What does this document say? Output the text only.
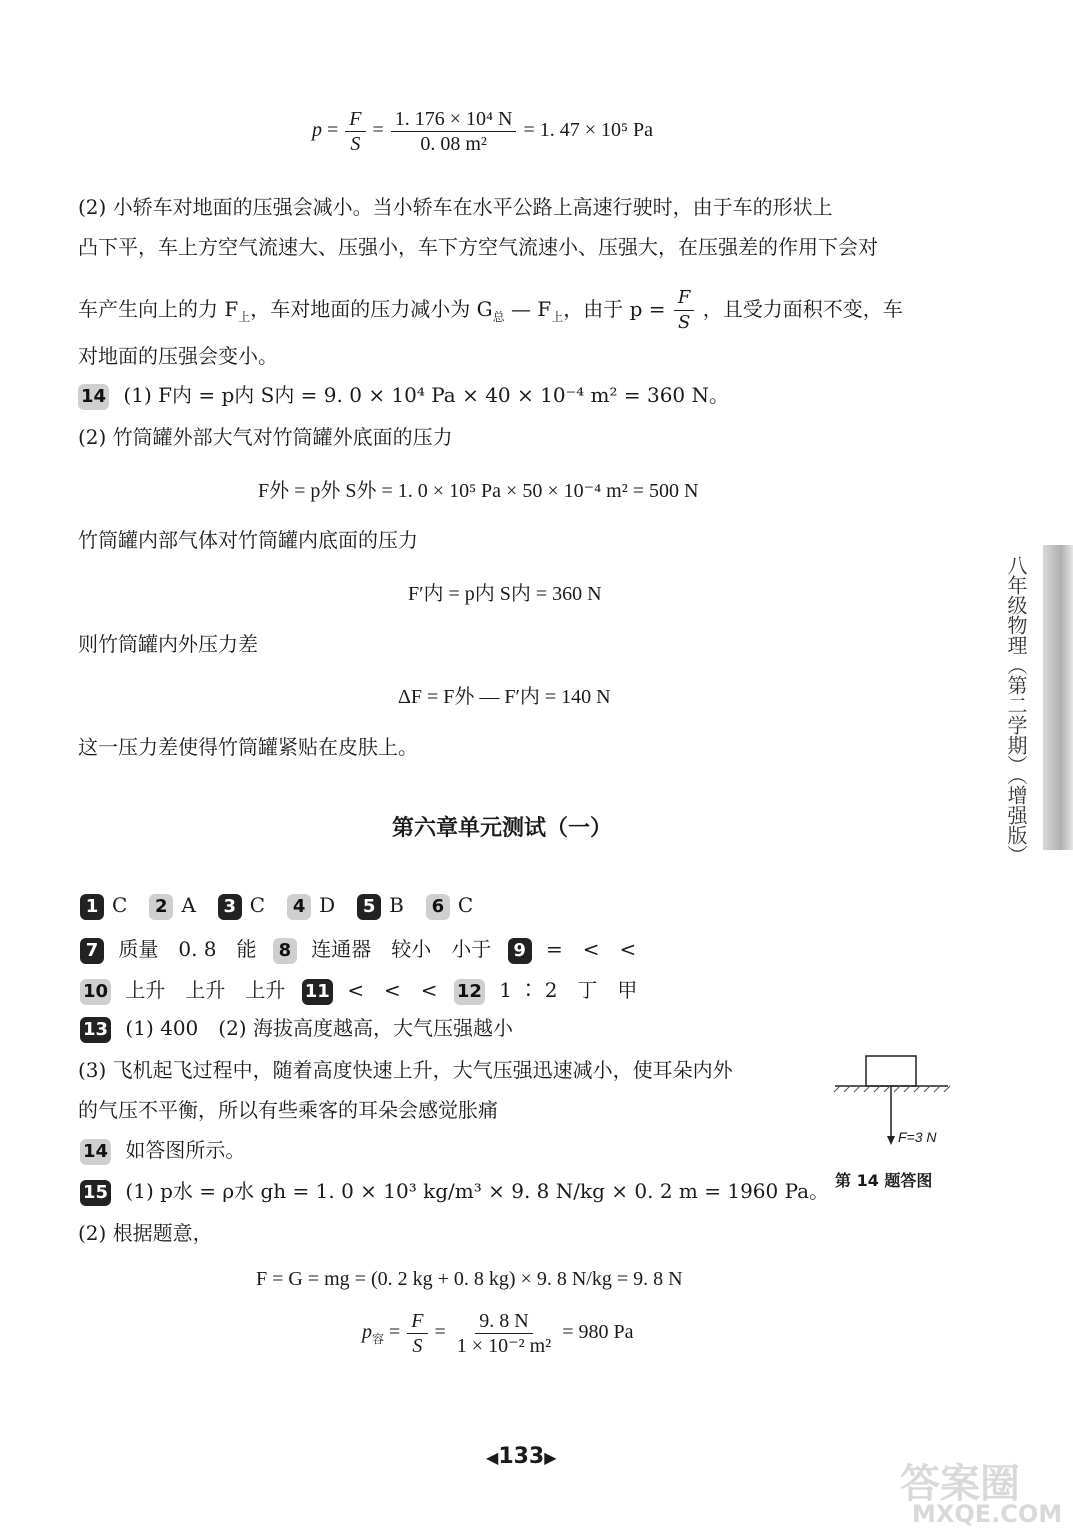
$p = \frac{F}{S} = \frac{\text{1. 176 × 10⁴ N}}{\text{0. 08 m²}} = 1$. 47 × 10⁵ Pa
(2) 小轿车对地面的压强会减小。当小轿车在水平公路上高速行驶时，由于车的形状上
凸下平，车上方空气流速大、压强小，车下方空气流速小、压强大，在压强差的作用下会对
车产生向上的力 $F_上$，车对地面的压力减小为 $G_总$ — $F_上$，由于 $p = \frac{F}{S}$ ，且受力面积不变，车
对地面的压强会变小。
14 (1) F内 = p内 S内 = 9. 0 × 10⁴ Pa × 40 × 10⁻⁴ m² = 360 N。
(2) 竹筒罐外部大气对竹筒罐外底面的压力
F外 = p外 S外 = 1. 0 × 10⁵ Pa × 50 × 10⁻⁴ m² = 500 N
竹筒罐内部气体对竹筒罐内底面的压力
F′内 = p内 S内 = 360 N
则竹筒罐内外压力差
ΔF = F外 — F′内 = 140 N
这一压力差使得竹筒罐紧贴在皮肤上。
第六章单元测试（一）
1 C 2 A 3 C 4 D 5 B 6 C
7 质量　0. 8　能 8 连通器　较小　小于 9 =　<　<
10 上升　上升　上升 11 <　<　< 12 1 ∶ 2　丁　甲
13 (1) 400　(2) 海拔高度越高，大气压强越小
(3) 飞机起飞过程中，随着高度快速上升，大气压强迅速减小，使耳朵内外
的气压不平衡，所以有些乘客的耳朵会感觉胀痛
14 如答图所示。
F=3 N
第 14 题答图
15 (1) p水 = ρ水 gh = 1. 0 × 10³ kg/m³ × 9. 8 N/kg × 0. 2 m = 1960 Pa。
(2) 根据题意，
F = G = mg = (0. 2 kg + 0. 8 kg) × 9. 8 N/kg = 9. 8 N
$p_容 = \frac{F}{S} = \frac{9. 8 N}{\text{1 × 10⁻² m²}} = 980$ Pa
八年级物理（第二学期）（增强版）
◀133▶
答案圈
MXQE.COM
